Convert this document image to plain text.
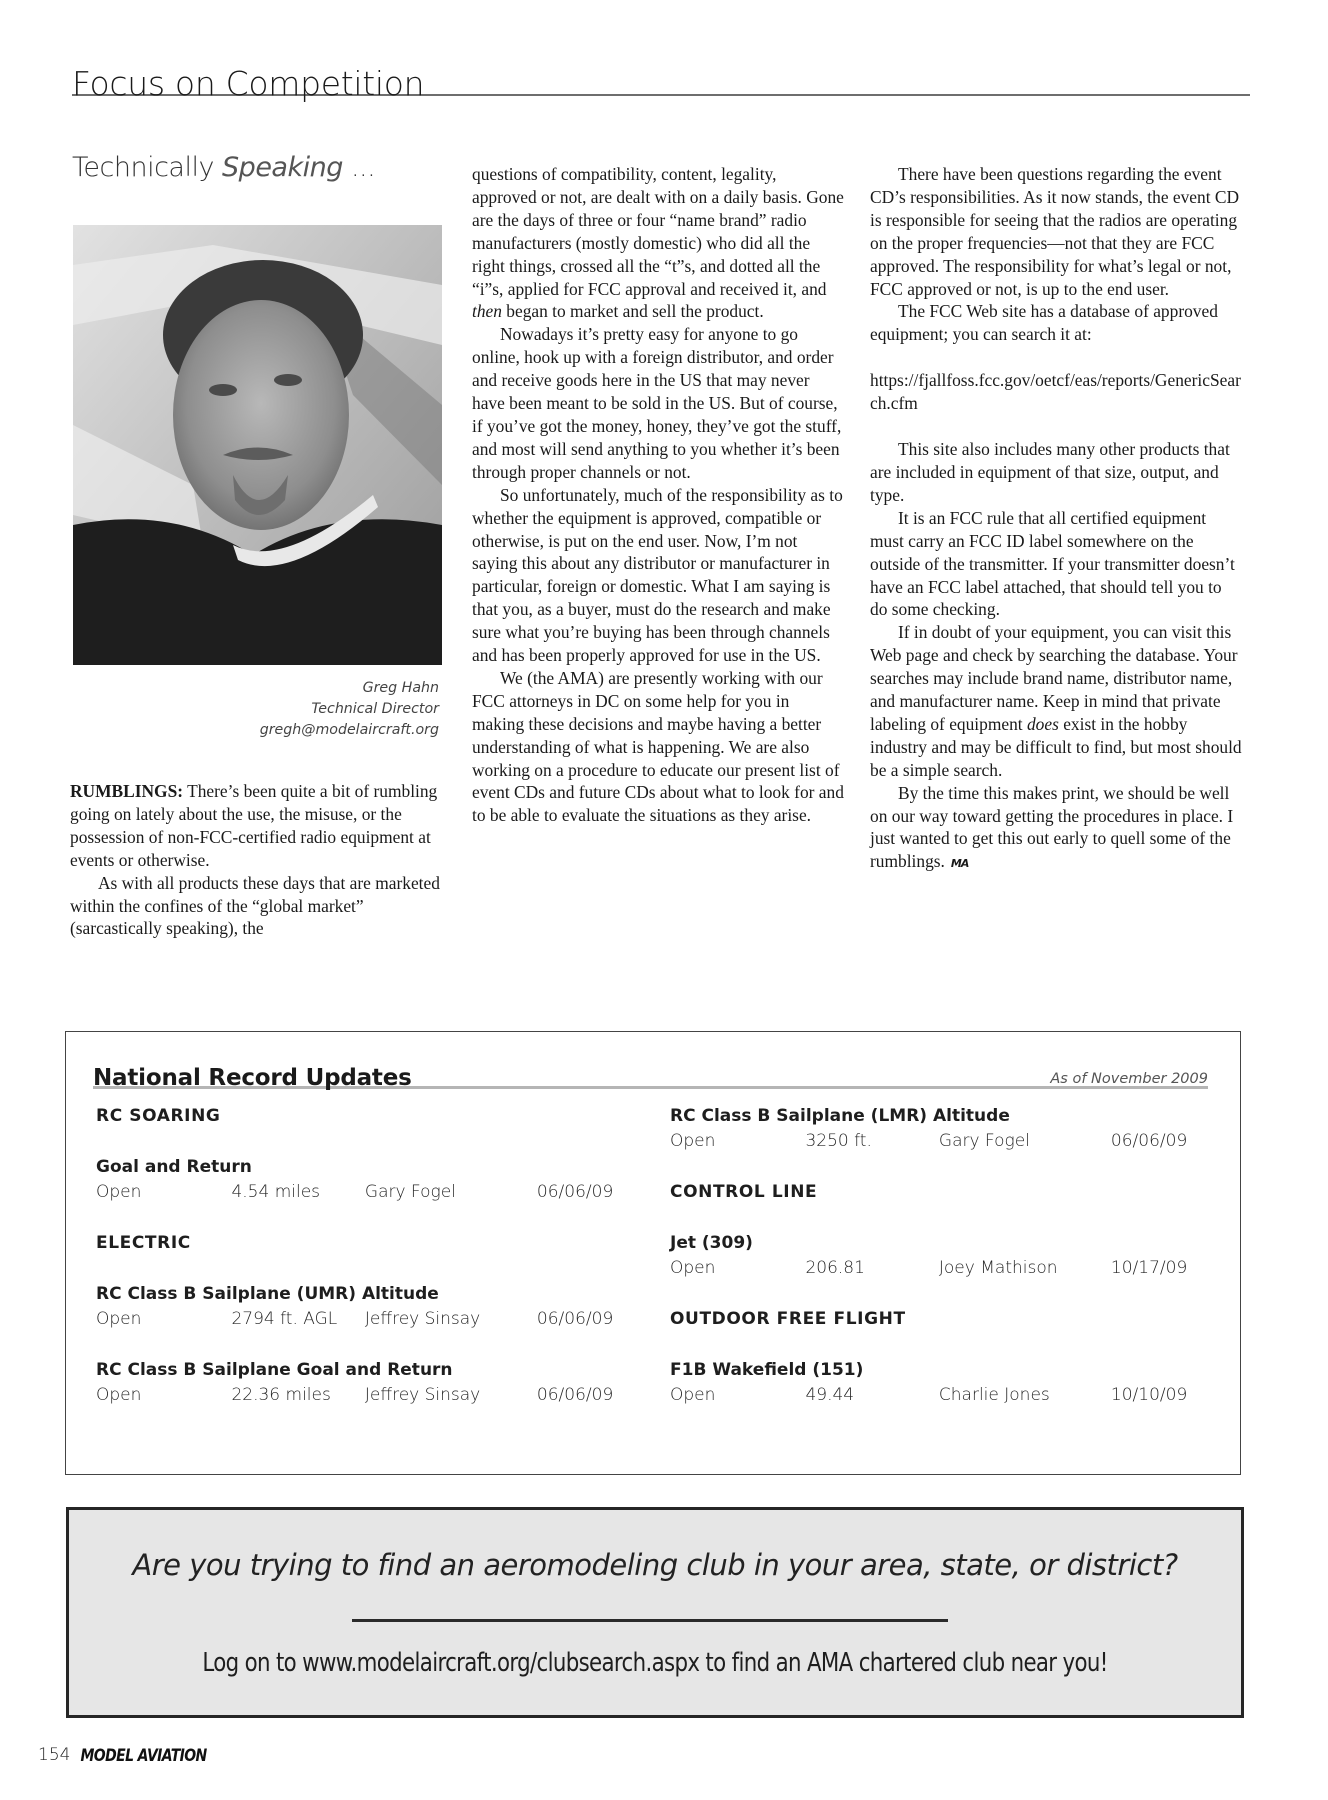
Focus on Competition
Technically Speaking ...
Greg Hahn
Technical Director
gregh@modelaircraft.org

RUMBLINGS: There’s been quite a bit of rumbling going on lately about the use, the misuse, or the possession of non-FCC-certified radio equipment at events or otherwise.

As with all products these days that are marketed within the confines of the “global market” (sarcastically speaking), the

questions of compatibility, content, legality, approved or not, are dealt with on a daily basis. Gone are the days of three or four “name brand” radio manufacturers (mostly domestic) who did all the right things, crossed all the “t”s, and dotted all the “i”s, applied for FCC approval and received it, and then began to market and sell the product.

Nowadays it’s pretty easy for anyone to go online, hook up with a foreign distributor, and order and receive goods here in the US that may never have been meant to be sold in the US. But of course, if you’ve got the money, honey, they’ve got the stuff, and most will send anything to you whether it’s been through proper channels or not.

So unfortunately, much of the responsibility as to whether the equipment is approved, compatible or otherwise, is put on the end user. Now, I’m not saying this about any distributor or manufacturer in particular, foreign or domestic. What I am saying is that you, as a buyer, must do the research and make sure what you’re buying has been through channels and has been properly approved for use in the US.

We (the AMA) are presently working with our FCC attorneys in DC on some help for you in making these decisions and maybe having a better understanding of what is happening. We are also working on a procedure to educate our present list of event CDs and future CDs about what to look for and to be able to evaluate the situations as they arise.

There have been questions regarding the event CD’s responsibilities. As it now stands, the event CD is responsible for seeing that the radios are operating on the proper frequencies—not that they are FCC approved. The responsibility for what’s legal or not, FCC approved or not, is up to the end user.

The FCC Web site has a database of approved equipment; you can search it at:

https://fjallfoss.fcc.gov/oetcf/eas/reports/GenericSearch.cfm

This site also includes many other products that are included in equipment of that size, output, and type.

It is an FCC rule that all certified equipment must carry an FCC ID label somewhere on the outside of the transmitter. If your transmitter doesn’t have an FCC label attached, that should tell you to do some checking.

If in doubt of your equipment, you can visit this Web page and check by searching the database. Your searches may include brand name, distributor name, and manufacturer name. Keep in mind that private labeling of equipment does exist in the hobby industry and may be difficult to find, but most should be a simple search.

By the time this makes print, we should be well on our way toward getting the procedures in place. I just wanted to get this out early to quell some of the rumblings. MA

National Record Updates	As of November 2009
RC SOARING
Goal and Return
Open	4.54 miles	Gary Fogel	06/06/09
ELECTRIC
RC Class B Sailplane (UMR) Altitude
Open	2794 ft. AGL	Jeffrey Sinsay	06/06/09
RC Class B Sailplane Goal and Return
Open	22.36 miles	Jeffrey Sinsay	06/06/09
RC Class B Sailplane (LMR) Altitude
Open	3250 ft.	Gary Fogel	06/06/09
CONTROL LINE
Jet (309)
Open	206.81	Joey Mathison	10/17/09
OUTDOOR FREE FLIGHT
F1B Wakefield (151)
Open	49.44	Charlie Jones	10/10/09
Are you trying to find an aeromodeling club in your area, state, or district?
Log on to www.modelaircraft.org/clubsearch.aspx to find an AMA chartered club near you!
154 MODEL AVIATION
